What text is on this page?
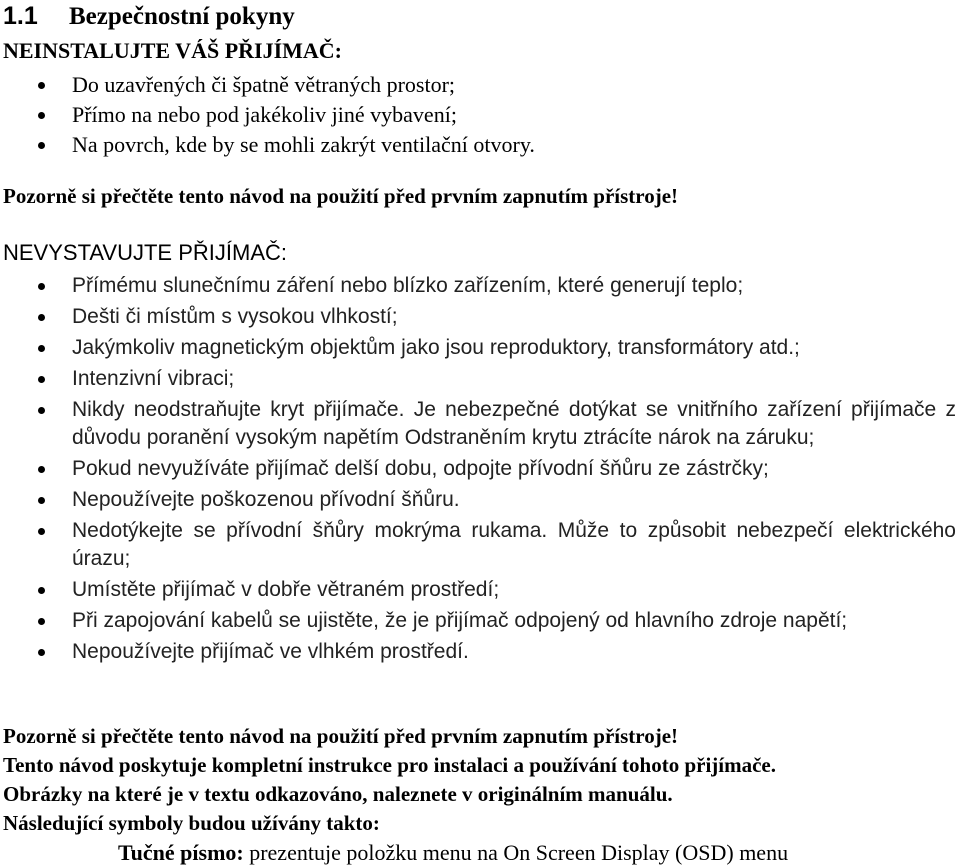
1.1 Bezpečnostní pokyny
NEINSTALUJTE VÁŠ PŘIJÍMAČ:
Do uzavřených či špatně větraných prostor;
Přímo na nebo pod jakékoliv jiné vybavení;
Na povrch, kde by se mohli zakrýt ventilační otvory.
Pozorně si přečtěte tento návod na použití před prvním zapnutím přístroje!
NEVYSTAVUJTE PŘIJÍMAČ:
Přímému slunečnímu záření nebo blízko zařízením, které generují teplo;
Dešti či místům s vysokou vlhkostí;
Jakýmkoliv magnetickým objektům jako jsou reproduktory, transformátory atd.;
Intenzivní vibraci;
Nikdy neodstraňujte kryt přijímače. Je nebezpečné dotýkat se vnitřního zařízení přijímače z důvodu poranění vysokým napětím Odstraněním krytu ztrácíte nárok na záruku;
Pokud nevyužíváte přijímač delší dobu, odpojte přívodní šňůru ze zástrčky;
Nepoužívejte poškozenou přívodní šňůru.
Nedotýkejte se přívodní šňůry mokrýma rukama. Může to způsobit nebezpečí elektrického úrazu;
Umístěte přijímač v dobře větraném prostředí;
Při zapojování kabelů se ujistěte, že je přijímač odpojený od hlavního zdroje napětí;
Nepoužívejte přijímač ve vlhkém prostředí.
Pozorně si přečtěte tento návod na použití před prvním zapnutím přístroje!
Tento návod poskytuje kompletní instrukce pro instalaci a používání tohoto přijímače.
Obrázky na které je v textu odkazováno, naleznete v originálním manuálu.
Následující symboly budou užívány takto:
Tučné písmo: prezentuje položku menu na On Screen Display (OSD) menu
